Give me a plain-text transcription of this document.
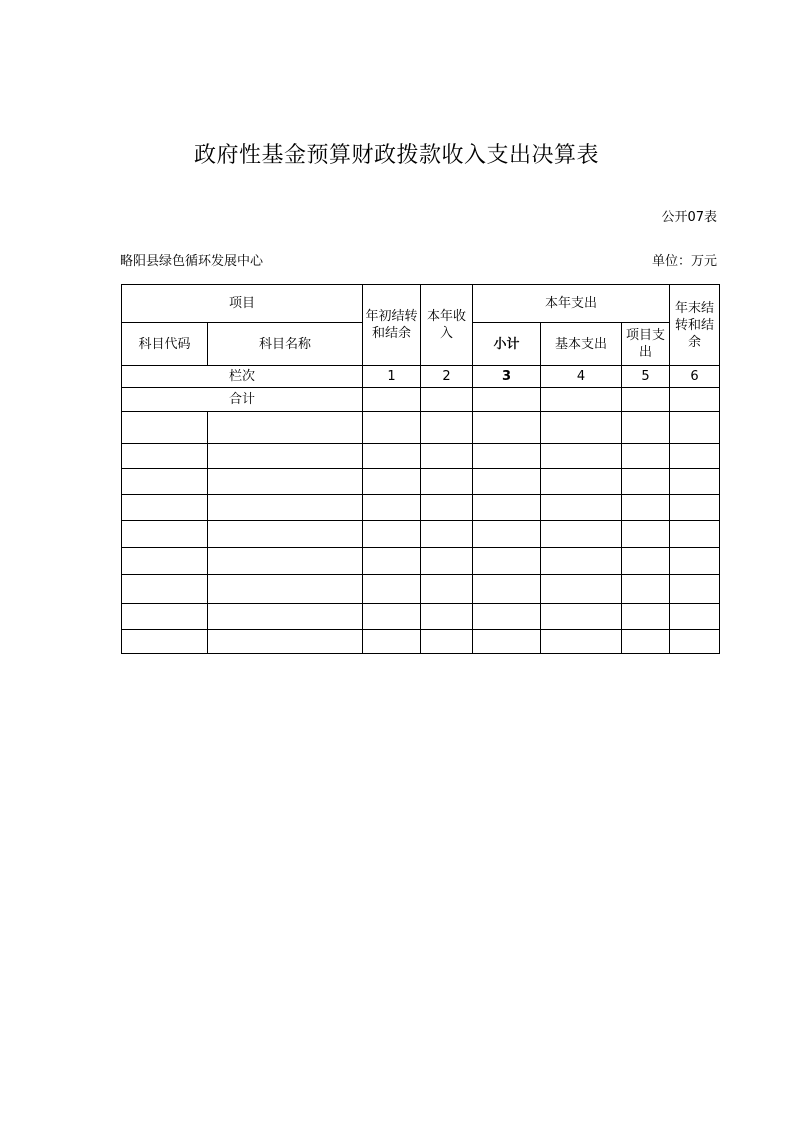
政府性基金预算财政拨款收入支出决算表
公开07表
略阳县绿色循环发展中心	单位：万元
项目		年初结转和结余	本年收入	本年支出			年末结转和结余
科目代码	科目名称			小计	基本支出	项目支出	
栏次		1	2	3	4	5	6
合计							
